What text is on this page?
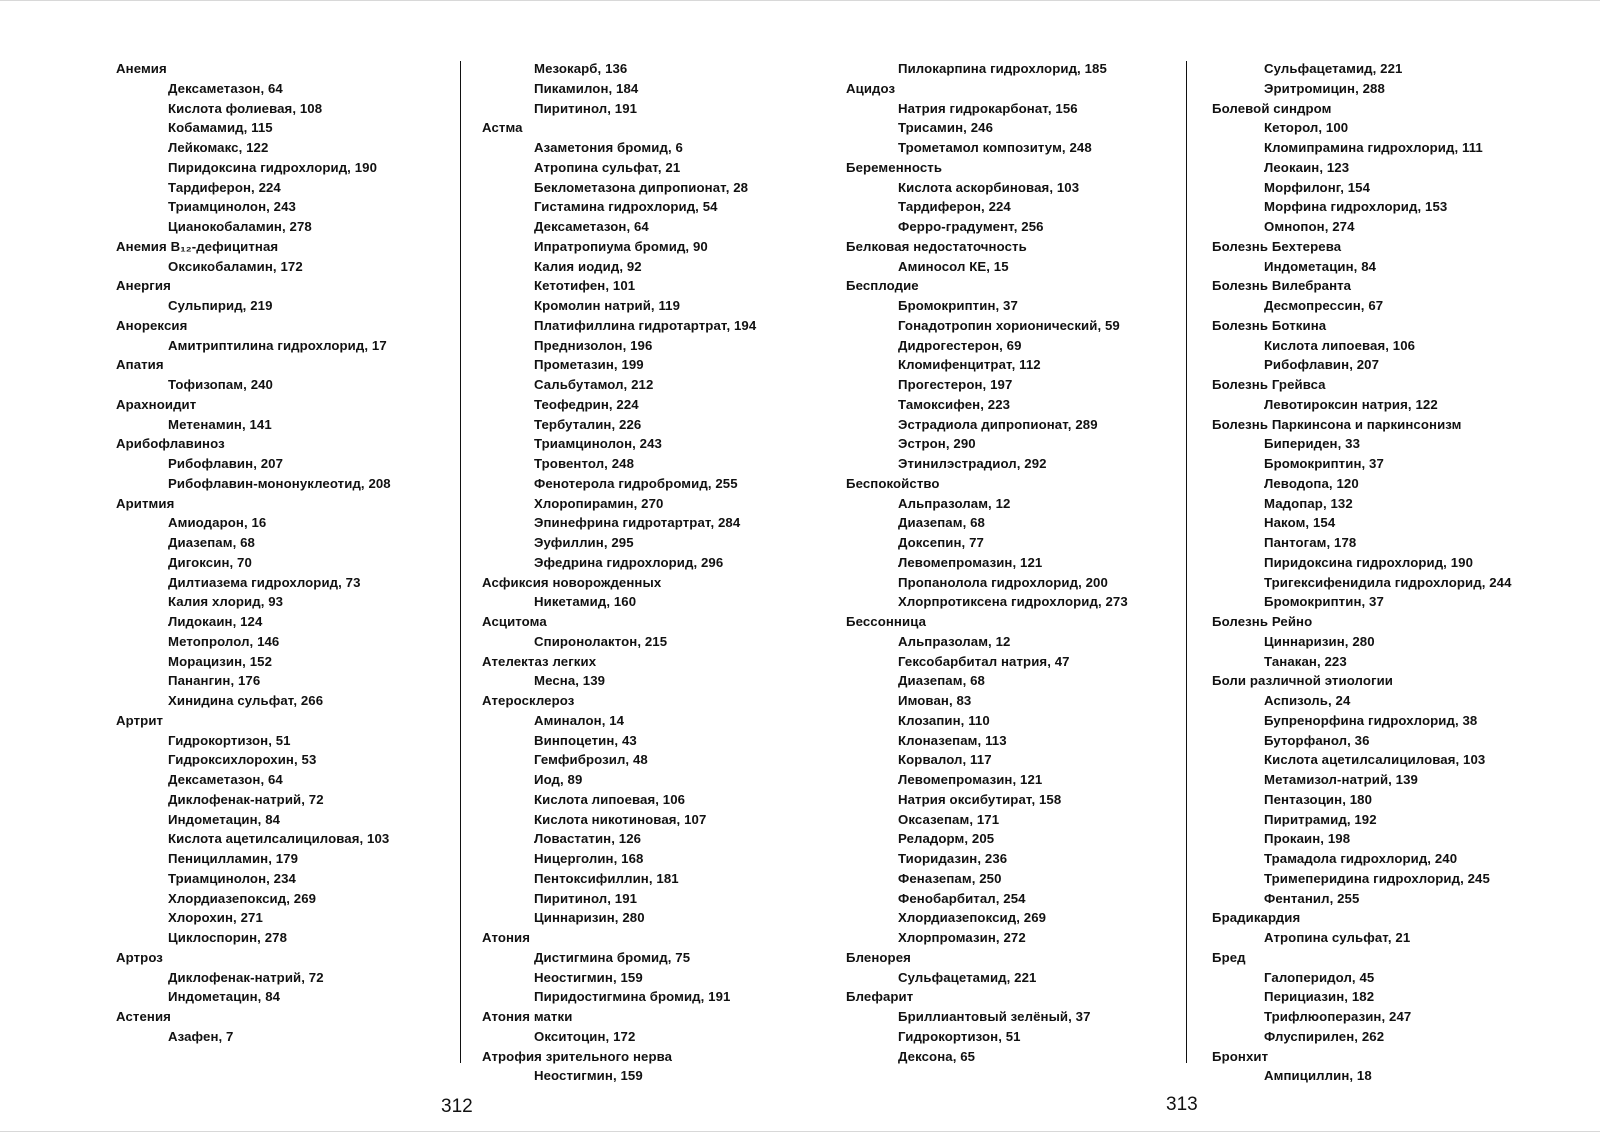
Анемия
Дексаметазон, 64
Кислота фолиевая, 108
Кобамамид, 115
Лейкомакс, 122
Пиридоксина гидрохлорид, 190
Тардиферон, 224
Триамцинолон, 243
Цианокобаламин, 278
Анемия B₁₂-дефицитная
Оксикобаламин, 172
Анергия
Сульпирид, 219
Анорексия
Амитриптилина гидрохлорид, 17
Апатия
Тофизопам, 240
Арахноидит
Метенамин, 141
Арибофлавиноз
Рибофлавин, 207
Рибофлавин-мононуклеотид, 208
Аритмия
Амиодарон, 16
Диазепам, 68
Дигоксин, 70
Дилтиазема гидрохлорид, 73
Калия хлорид, 93
Лидокаин, 124
Метопролол, 146
Морацизин, 152
Панангин, 176
Хинидина сульфат, 266
Артрит
Гидрокортизон, 51
Гидроксихлорохин, 53
Дексаметазон, 64
Диклофенак-натрий, 72
Индометацин, 84
Кислота ацетилсалициловая, 103
Пеницилламин, 179
Триамцинолон, 234
Хлордиазепоксид, 269
Хлорохин, 271
Циклоспорин, 278
Артроз
Диклофенак-натрий, 72
Индометацин, 84
Астения
Азафен, 7
Мезокарб, 136
Пикамилон, 184
Пиритинол, 191
Астма
Азаметония бромид, 6
Атропина сульфат, 21
Беклометазона дипропионат, 28
Гистамина гидрохлорид, 54
Дексаметазон, 64
Ипратропиума бромид, 90
Калия иодид, 92
Кетотифен, 101
Кромолин натрий, 119
Платифиллина гидротартрат, 194
Преднизолон, 196
Прометазин, 199
Сальбутамол, 212
Теофедрин, 224
Тербуталин, 226
Триамцинолон, 243
Тровентол, 248
Фенотерола гидробромид, 255
Хлоропирамин, 270
Эпинефрина гидротартрат, 284
Эуфиллин, 295
Эфедрина гидрохлорид, 296
Асфиксия новорожденных
Никетамид, 160
Асцитома
Спиронолактон, 215
Ателектаз легких
Месна, 139
Атеросклероз
Аминалон, 14
Винпоцетин, 43
Гемфиброзил, 48
Иод, 89
Кислота липоевая, 106
Кислота никотиновая, 107
Ловастатин, 126
Ницерголин, 168
Пентоксифиллин, 181
Пиритинол, 191
Циннаризин, 280
Атония
Дистигмина бромид, 75
Неостигмин, 159
Пиридостигмина бромид, 191
Атония матки
Окситоцин, 172
Атрофия зрительного нерва
Неостигмин, 159
312
Пилокарпина гидрохлорид, 185
Ацидоз
Натрия гидрокарбонат, 156
Трисамин, 246
Трометамол композитум, 248
Беременность
Кислота аскорбиновая, 103
Тардиферон, 224
Ферро-градумент, 256
Белковая недостаточность
Аминосол КЕ, 15
Бесплодие
Бромокриптин, 37
Гонадотропин хорионический, 59
Дидрогестерон, 69
Кломифенцитрат, 112
Прогестерон, 197
Тамоксифен, 223
Эстрадиола дипропионат, 289
Эстрон, 290
Этинилэстрадиол, 292
Беспокойство
Альпразолам, 12
Диазепам, 68
Доксепин, 77
Левомепромазин, 121
Пропанолола гидрохлорид, 200
Хлорпротиксена гидрохлорид, 273
Бессонница
Альпразолам, 12
Гексобарбитал натрия, 47
Диазепам, 68
Имован, 83
Клозапин, 110
Клоназепам, 113
Корвалол, 117
Левомепромазин, 121
Натрия оксибутират, 158
Оксазепам, 171
Реладорм, 205
Тиоридазин, 236
Феназепам, 250
Фенобарбитал, 254
Хлордиазепоксид, 269
Хлорпромазин, 272
Бленорея
Сульфацетамид, 221
Блефарит
Бриллиантовый зелёный, 37
Гидрокортизон, 51
Дексона, 65
Сульфацетамид, 221
Эритромицин, 288
Болевой синдром
Кеторол, 100
Кломипрамина гидрохлорид, 111
Леокаин, 123
Морфилонг, 154
Морфина гидрохлорид, 153
Омнопон, 274
Болезнь Бехтерева
Индометацин, 84
Болезнь Вилебранта
Десмопрессин, 67
Болезнь Боткина
Кислота липоевая, 106
Рибофлавин, 207
Болезнь Грейвса
Левотироксин натрия, 122
Болезнь Паркинсона и паркинсонизм
Бипериден, 33
Бромокриптин, 37
Леводопа, 120
Мадопар, 132
Наком, 154
Пантогам, 178
Пиридоксина гидрохлорид, 190
Тригексифенидила гидрохлорид, 244
Бромокриптин, 37
Болезнь Рейно
Циннаризин, 280
Танакан, 223
Боли различной этиологии
Аспизоль, 24
Бупренорфина гидрохлорид, 38
Буторфанол, 36
Кислота ацетилсалициловая, 103
Метамизол-натрий, 139
Пентазоцин, 180
Пиритрамид, 192
Прокаин, 198
Трамадола гидрохлорид, 240
Тримеперидина гидрохлорид, 245
Фентанил, 255
Брадикардия
Атропина сульфат, 21
Бред
Галоперидол, 45
Перициазин, 182
Трифлюоперазин, 247
Флуспирилен, 262
Бронхит
Ампициллин, 18
313
